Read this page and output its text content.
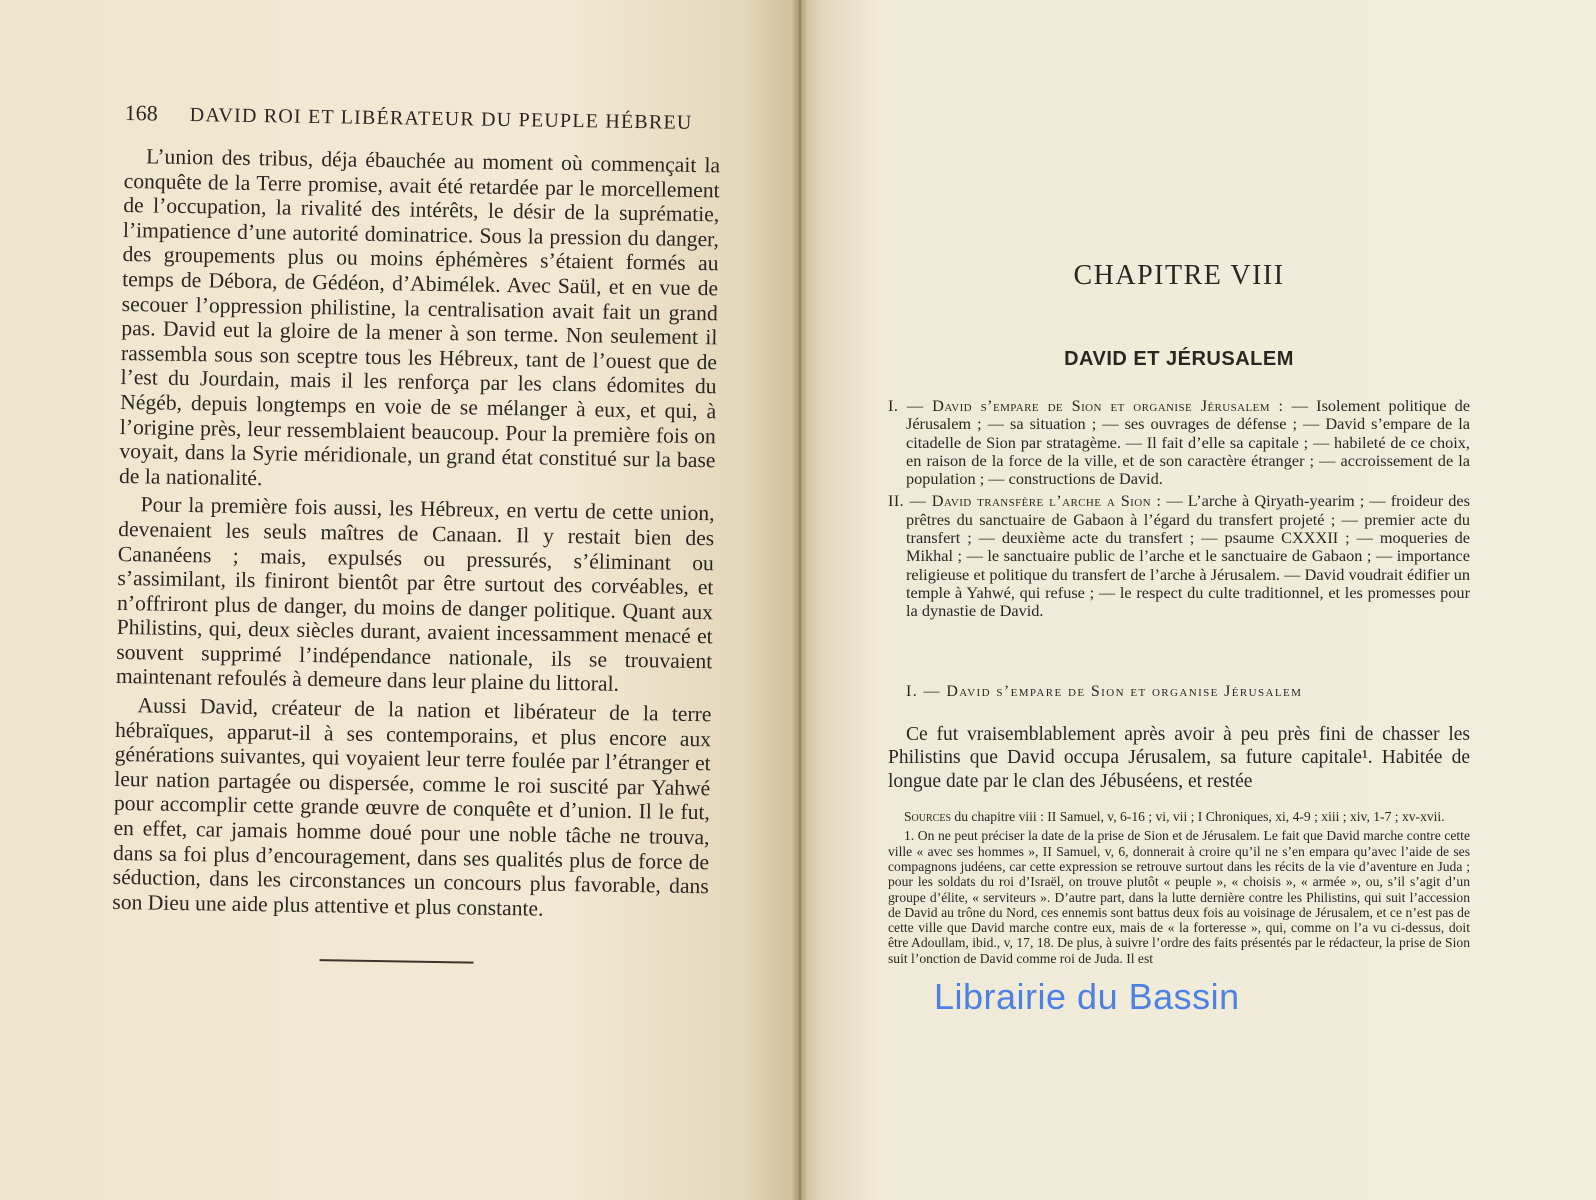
168 DAVID ROI ET LIBÉRATEUR DU PEUPLE HÉBREU

L’union des tribus, déja ébauchée au moment où commençait la conquête de la Terre promise, avait été retardée par le morcellement de l’occupation, la rivalité des intérêts, le désir de la suprématie, l’impatience d’une autorité dominatrice. Sous la pression du danger, des groupements plus ou moins éphémères s’étaient formés au temps de Débora, de Gédéon, d’Abimélek. Avec Saül, et en vue de secouer l’oppression philistine, la centralisation avait fait un grand pas. David eut la gloire de la mener à son terme. Non seulement il rassembla sous son sceptre tous les Hébreux, tant de l’ouest que de l’est du Jourdain, mais il les renforça par les clans édomites du Négéb, depuis longtemps en voie de se mélanger à eux, et qui, à l’origine près, leur ressemblaient beaucoup. Pour la première fois on voyait, dans la Syrie méridionale, un grand état constitué sur la base de la nationalité.

Pour la première fois aussi, les Hébreux, en vertu de cette union, devenaient les seuls maîtres de Canaan. Il y restait bien des Cananéens ; mais, expulsés ou pressurés, s’éliminant ou s’assimilant, ils finiront bientôt par être surtout des corvéables, et n’offriront plus de danger, du moins de danger politique. Quant aux Philistins, qui, deux siècles durant, avaient incessamment menacé et souvent supprimé l’indépendance nationale, ils se trouvaient maintenant refoulés à demeure dans leur plaine du littoral.

Aussi David, créateur de la nation et libérateur de la terre hébraïques, apparut-il à ses contemporains, et plus encore aux générations suivantes, qui voyaient leur terre foulée par l’étranger et leur nation partagée ou dispersée, comme le roi suscité par Yahwé pour accomplir cette grande œuvre de conquête et d’union. Il le fut, en effet, car jamais homme doué pour une noble tâche ne trouva, dans sa foi plus d’encouragement, dans ses qualités plus de force de séduction, dans les circonstances un concours plus favorable, dans son Dieu une aide plus attentive et plus constante.

CHAPITRE VIII
DAVID ET JÉRUSALEM

I. — David s’empare de Sion et organise Jérusalem : — Isolement politique de Jérusalem ; — sa situation ; — ses ouvrages de défense ; — David s’empare de la citadelle de Sion par stratagème. — Il fait d’elle sa capitale ; — habileté de ce choix, en raison de la force de la ville, et de son caractère étranger ; — accroissement de la population ; — constructions de David.

II. — David transfère l’arche a Sion : — L’arche à Qiryath-yearim ; — froideur des prêtres du sanctuaire de Gabaon à l’égard du transfert projeté ; — premier acte du transfert ; — deuxième acte du transfert ; — psaume CXXXII ; — moqueries de Mikhal ; — le sanctuaire public de l’arche et le sanctuaire de Gabaon ; — importance religieuse et politique du transfert de l’arche à Jérusalem. — David voudrait édifier un temple à Yahwé, qui refuse ; — le respect du culte traditionnel, et les promesses pour la dynastie de David.

I. — David s’empare de Sion et organise Jérusalem

Ce fut vraisemblablement après avoir à peu près fini de chasser les Philistins que David occupa Jérusalem, sa future capitale¹. Habitée de longue date par le clan des Jébuséens, et restée

Sources du chapitre viii : II Samuel, v, 6-16 ; vi, vii ; I Chroniques, xi, 4-9 ; xiii ; xiv, 1-7 ; xv-xvii.

1. On ne peut préciser la date de la prise de Sion et de Jérusalem. Le fait que David marche contre cette ville « avec ses hommes », II Samuel, v, 6, donnerait à croire qu’il ne s’en empara qu’avec l’aide de ses compagnons judéens, car cette expression se retrouve surtout dans les récits de la vie d’aventure en Juda ; pour les soldats du roi d’Israël, on trouve plutôt « peuple », « choisis », « armée », ou, s’il s’agit d’un groupe d’élite, « serviteurs ». D’autre part, dans la lutte dernière contre les Philistins, qui suit l’accession de David au trône du Nord, ces ennemis sont battus deux fois au voisinage de Jérusalem, et ce n’est pas de cette ville que David marche contre eux, mais de « la forteresse », qui, comme on l’a vu ci-dessus, doit être Adoullam, ibid., v, 17, 18. De plus, à suivre l’ordre des faits présentés par le rédacteur, la prise de Sion suit l’onction de David comme roi de Juda. Il est

Librairie du Bassin
